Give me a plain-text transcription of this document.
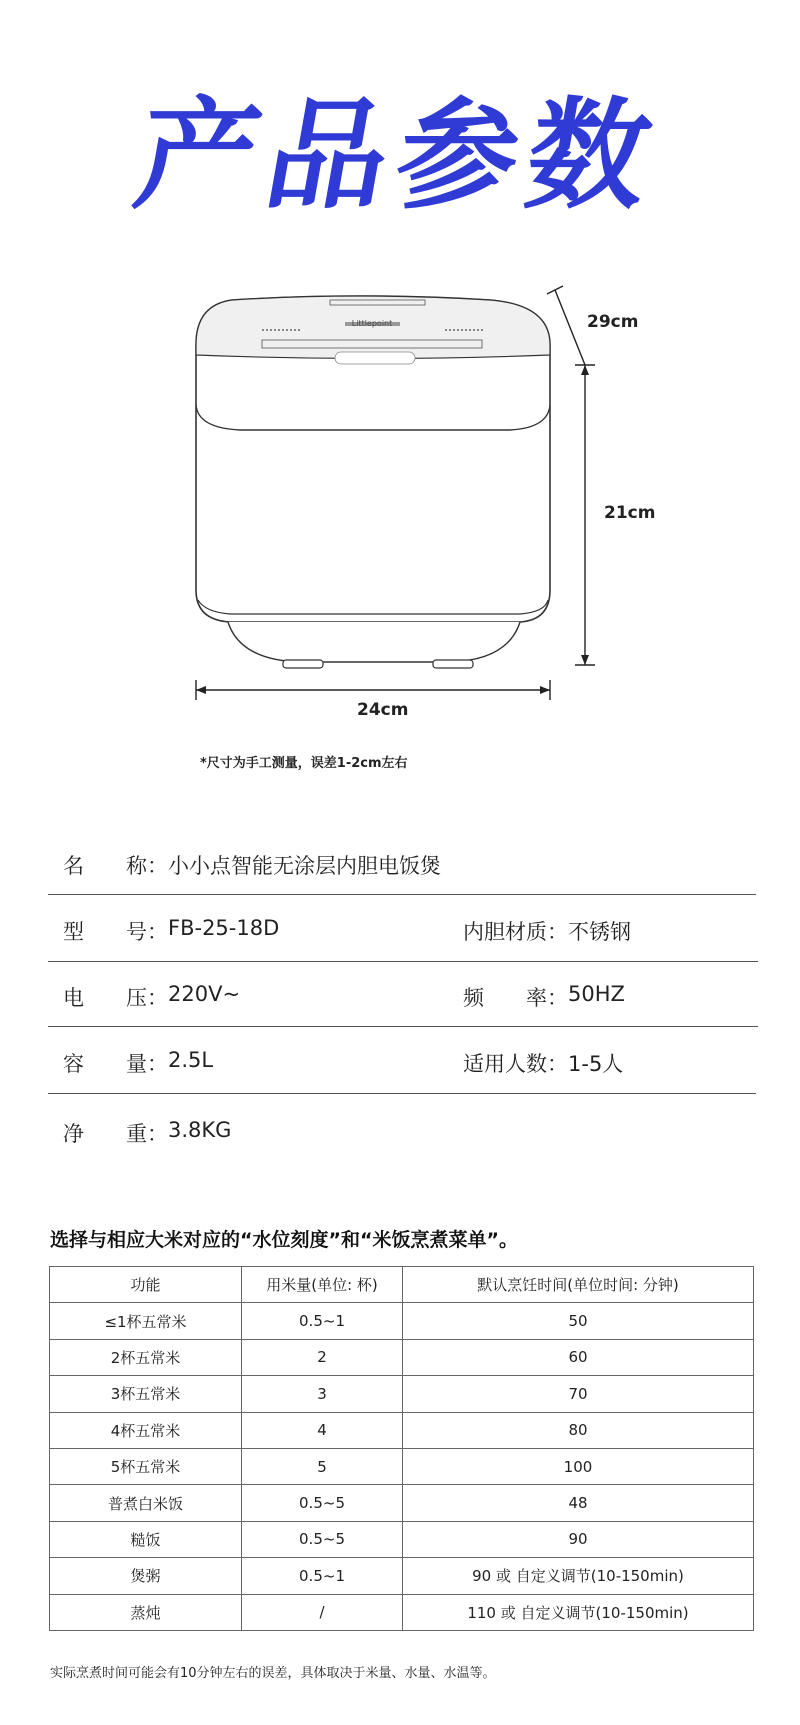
产品参数
Littlepoint	29cm
21cm
24cm
*尺寸为手工测量，误差1-2cm左右
名　　称： 小小点智能无涂层内胆电饭煲
型　　号： FB-25-18D	内胆材质： 不锈钢
电　　压： 220V~	频　　率： 50HZ
容　　量： 2.5L	适用人数： 1-5人
净　　重： 3.8KG
选择与相应大米对应的“水位刻度”和“米饭烹煮菜单”。
功能	用米量(单位: 杯)	默认烹饪时间(单位时间: 分钟)
≤1杯五常米	0.5~1	50
2杯五常米	2	60
3杯五常米	3	70
4杯五常米	4	80
5杯五常米	5	100
普煮白米饭	0.5~5	48
糙饭	0.5~5	90
煲粥	0.5~1	90 或 自定义调节(10-150min)
蒸炖	/	110 或 自定义调节(10-150min)
实际烹煮时间可能会有10分钟左右的误差，具体取决于米量、水量、水温等。
